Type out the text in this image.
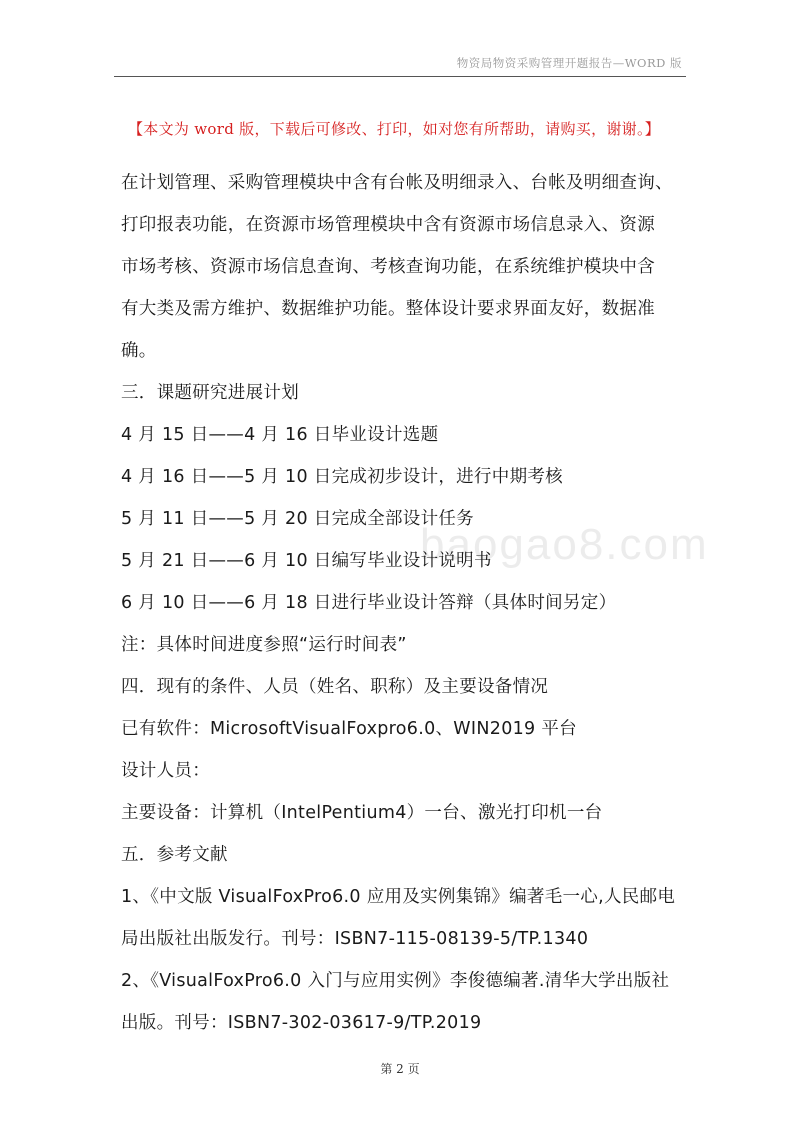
物资局物资采购管理开题报告—WORD 版
【本文为 word 版，下载后可修改、打印，如对您有所帮助，请购买，谢谢。】
baogao8.com
在计划管理、采购管理模块中含有台帐及明细录入、台帐及明细查询、
打印报表功能，在资源市场管理模块中含有资源市场信息录入、资源
市场考核、资源市场信息查询、考核查询功能，在系统维护模块中含
有大类及需方维护、数据维护功能。整体设计要求界面友好，数据准
确。
三．课题研究进展计划
4 月 15 日——4 月 16 日毕业设计选题
4 月 16 日——5 月 10 日完成初步设计，进行中期考核
5 月 11 日——5 月 20 日完成全部设计任务
5 月 21 日——6 月 10 日编写毕业设计说明书
6 月 10 日——6 月 18 日进行毕业设计答辩（具体时间另定）
注：具体时间进度参照“运行时间表”
四．现有的条件、人员（姓名、职称）及主要设备情况
已有软件：MicrosoftVisualFoxpro6.0、WIN2019 平台
设计人员：
主要设备：计算机（IntelPentium4）一台、激光打印机一台
五．参考文献
1、《中文版 VisualFoxPro6.0 应用及实例集锦》编著毛一心,人民邮电
局出版社出版发行。刊号：ISBN7-115-08139-5/TP.1340
2、《VisualFoxPro6.0 入门与应用实例》李俊德编著.清华大学出版社
出版。刊号：ISBN7-302-03617-9/TP.2019
第 2 页
